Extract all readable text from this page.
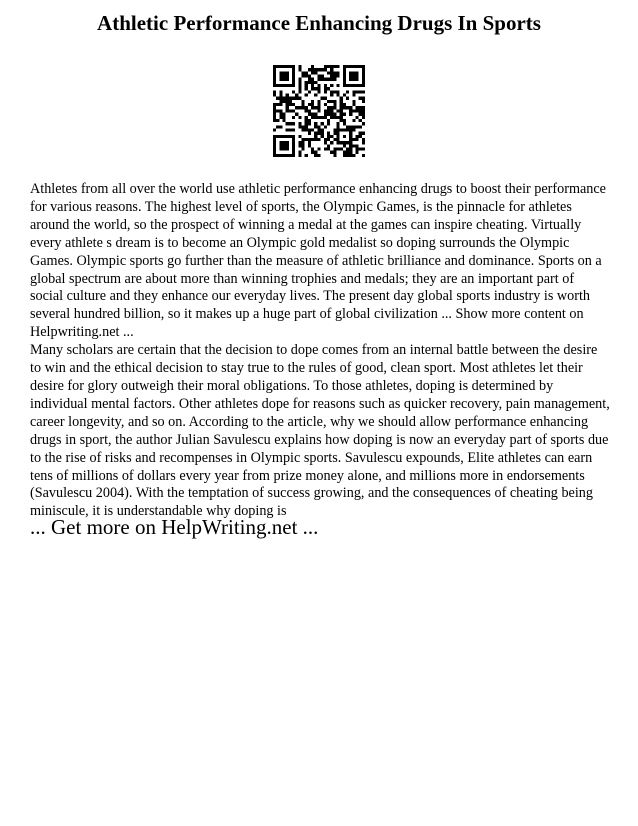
Athletic Performance Enhancing Drugs In Sports

Athletes from all over the world use athletic performance enhancing drugs to boost their performance for various reasons. The highest level of sports, the Olympic Games, is the pinnacle for athletes around the world, so the prospect of winning a medal at the games can inspire cheating. Virtually every athlete s dream is to become an Olympic gold medalist so doping surrounds the Olympic Games. Olympic sports go further than the measure of athletic brilliance and dominance. Sports on a global spectrum are about more than winning trophies and medals; they are an important part of social culture and they enhance our everyday lives. The present day global sports industry is worth several hundred billion, so it makes up a huge part of global civilization ... Show more content on Helpwriting.net ...

Many scholars are certain that the decision to dope comes from an internal battle between the desire to win and the ethical decision to stay true to the rules of good, clean sport. Most athletes let their desire for glory outweigh their moral obligations. To those athletes, doping is determined by individual mental factors. Other athletes dope for reasons such as quicker recovery, pain management, career longevity, and so on. According to the article, why we should allow performance enhancing drugs in sport, the author Julian Savulescu explains how doping is now an everyday part of sports due to the rise of risks and recompenses in Olympic sports. Savulescu expounds, Elite athletes can earn tens of millions of dollars every year from prize money alone, and millions more in endorsements (Savulescu 2004). With the temptation of success growing, and the consequences of cheating being miniscule, it is understandable why doping is

... Get more on HelpWriting.net ...
